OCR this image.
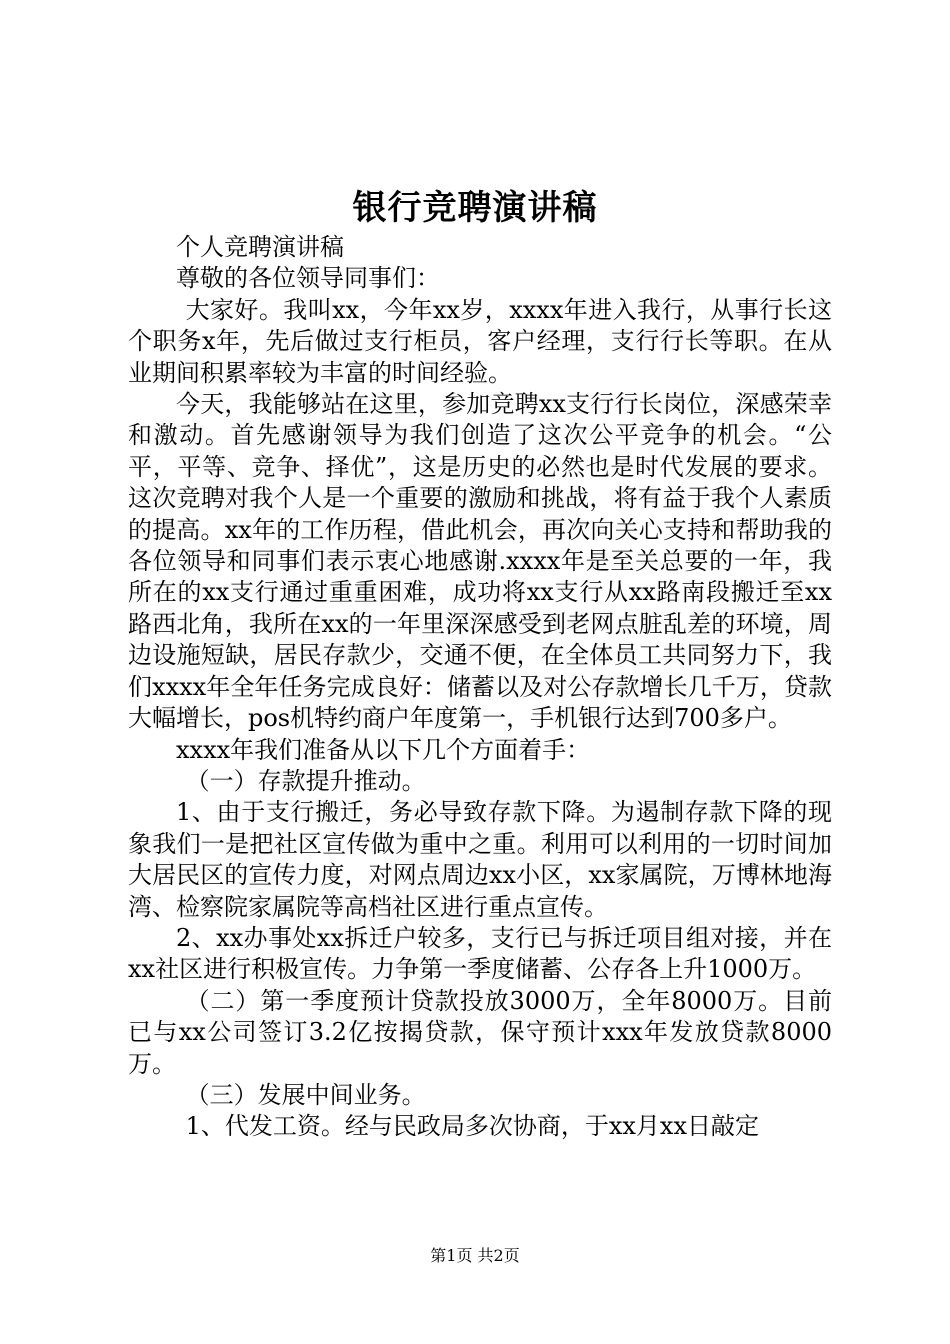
银行竞聘演讲稿

个人竞聘演讲稿

尊敬的各位领导同事们：

大家好。我叫xx，今年xx岁，xxxx年进入我行，从事行长这个职务x年，先后做过支行柜员，客户经理，支行行长等职。在从业期间积累率较为丰富的时间经验。

今天，我能够站在这里，参加竞聘xx支行行长岗位，深感荣幸和激动。首先感谢领导为我们创造了这次公平竞争的机会。“公平，平等、竞争、择优”，这是历史的必然也是时代发展的要求。这次竞聘对我个人是一个重要的激励和挑战，将有益于我个人素质的提高。xx年的工作历程，借此机会，再次向关心支持和帮助我的各位领导和同事们表示衷心地感谢.xxxx年是至关总要的一年，我所在的xx支行通过重重困难，成功将xx支行从xx路南段搬迁至xx路西北角，我所在xx的一年里深深感受到老网点脏乱差的环境，周边设施短缺，居民存款少，交通不便，在全体员工共同努力下，我们xxxx年全年任务完成良好：储蓄以及对公存款增长几千万，贷款大幅增长，pos机特约商户年度第一，手机银行达到700多户。

xxxx年我们准备从以下几个方面着手：

（一）存款提升推动。

1、由于支行搬迁，务必导致存款下降。为遏制存款下降的现象我们一是把社区宣传做为重中之重。利用可以利用的一切时间加大居民区的宣传力度，对网点周边xx小区，xx家属院，万博林地海湾、检察院家属院等高档社区进行重点宣传。

2、xx办事处xx拆迁户较多，支行已与拆迁项目组对接，并在xx社区进行积极宣传。力争第一季度储蓄、公存各上升1000万。

（二）第一季度预计贷款投放3000万，全年8000万。目前已与xx公司签订3.2亿按揭贷款，保守预计xxx年发放贷款8000万。

（三）发展中间业务。

1、代发工资。经与民政局多次协商，于xx月xx日敲定

第1页 共2页
